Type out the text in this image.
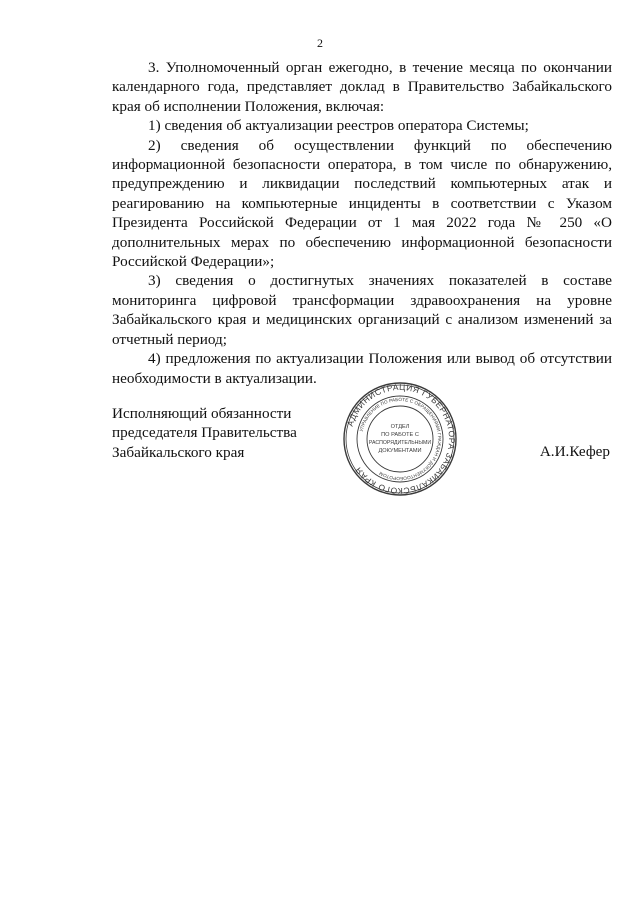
2

3. Уполномоченный орган ежегодно, в течение месяца по окончании календарного года, представляет доклад в Правительство Забайкальского края об исполнении Положения, включая:

1) сведения об актуализации реестров оператора Системы;

2) сведения об осуществлении функций по обеспечению информационной безопасности оператора, в том числе по обнаружению, предупреждению и ликвидации последствий компьютерных атак и реагированию на компьютерные инциденты в соответствии с Указом Президента Российской Федерации от 1 мая 2022 года № 250 «О дополнительных мерах по обеспечению информационной безопасности Российской Федерации»;

3) сведения о достигнутых значениях показателей в составе мониторинга цифровой трансформации здравоохранения на уровне Забайкальского края и медицинских организаций с анализом изменений за отчетный период;

4) предложения по актуализации Положения или вывод об отсутствии необходимости в актуализации.

Исполняющий обязанности
председателя Правительства
Забайкальского края	А.И.Кефер
АДМИНИСТРАЦИЯ ГУБЕРНАТОРА ЗАБАЙКАЛЬСКОГО КРАЯ
УПРАВЛЕНИЕ ПО РАБОТЕ С ОБРАЩЕНИЯМИ ГРАЖДАН И ДОКУМЕНТООБОРОТОМ
ОТДЕЛ
ПО РАБОТЕ С
РАСПОРЯДИТЕЛЬНЫМИ
ДОКУМЕНТАМИ
